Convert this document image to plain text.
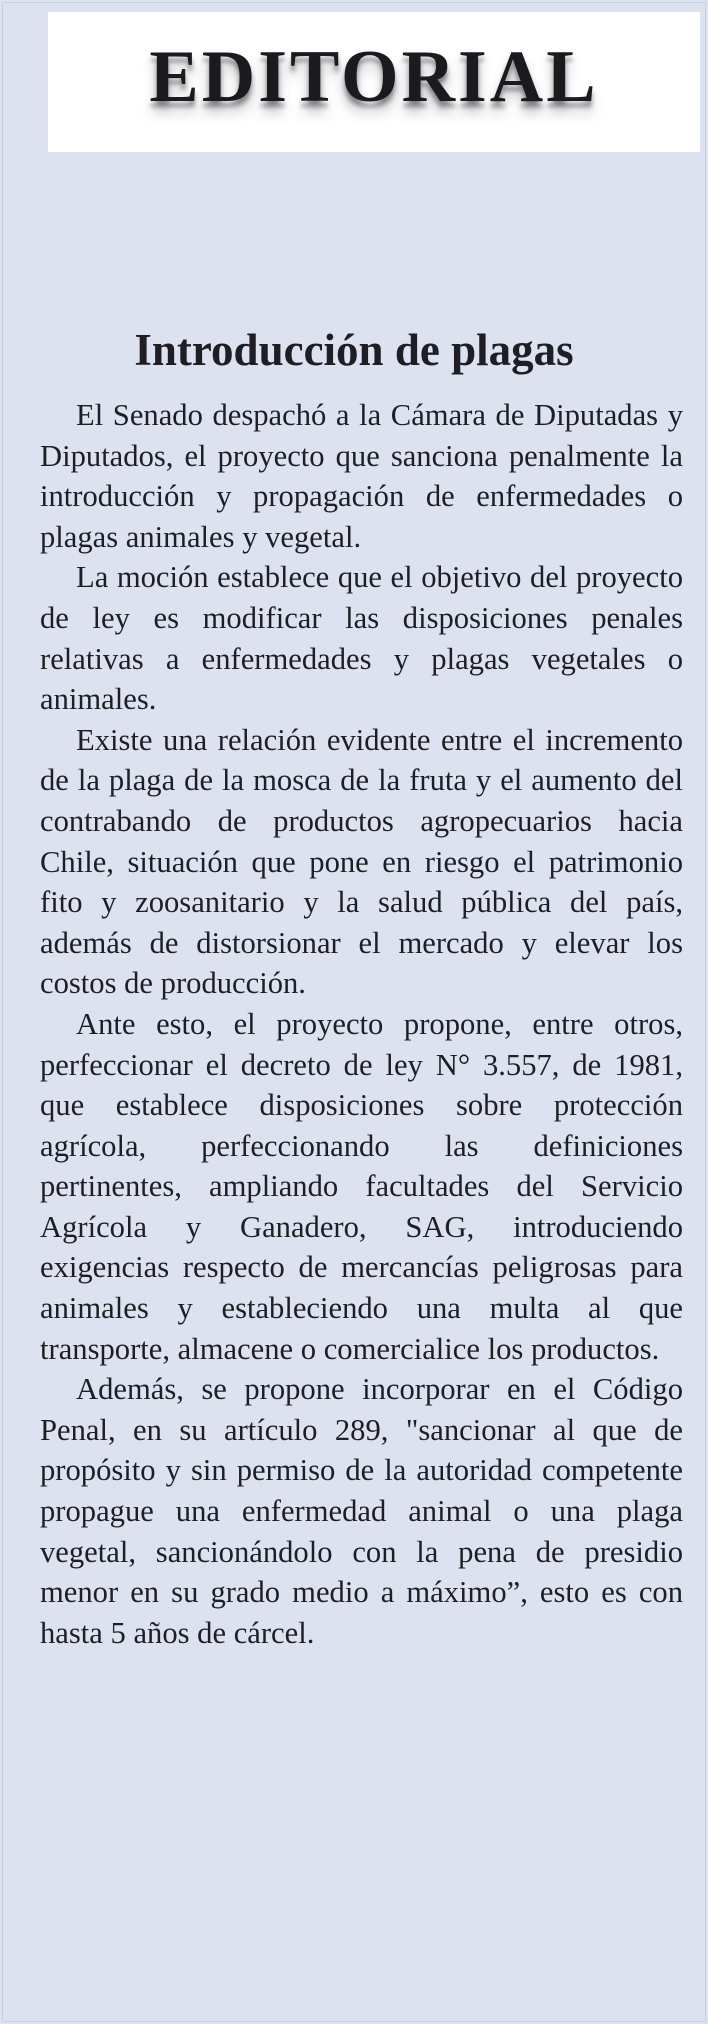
EDITORIAL
Introducción de plagas

El Senado despachó a la Cámara de Diputadas y Diputados, el proyecto que sanciona penalmente la introducción y propagación de enfermedades o plagas animales y vegetal.

La moción establece que el objetivo del proyecto de ley es modificar las disposiciones penales relativas a enfermedades y plagas vegetales o animales.

Existe una relación evidente entre el incremento de la plaga de la mosca de la fruta y el aumento del contrabando de productos agropecuarios hacia Chile, situación que pone en riesgo el patrimonio fito y zoosanitario y la salud pública del país, además de distorsionar el mercado y elevar los costos de producción.

Ante esto, el proyecto propone, entre otros, perfeccionar el decreto de ley N° 3.557, de 1981, que establece disposiciones sobre protección agrícola, perfeccionando las definiciones pertinentes, ampliando facultades del Servicio Agrícola y Ganadero, SAG, introduciendo exigencias respecto de mercancías peligrosas para animales y estableciendo una multa al que transporte, almacene o comercialice los productos.

Además, se propone incorporar en el Código Penal, en su artículo 289, "sancionar al que de propósito y sin permiso de la autoridad competente propague una enfermedad animal o una plaga vegetal, sancionándolo con la pena de presidio menor en su grado medio a máximo”, esto es con hasta 5 años de cárcel.
